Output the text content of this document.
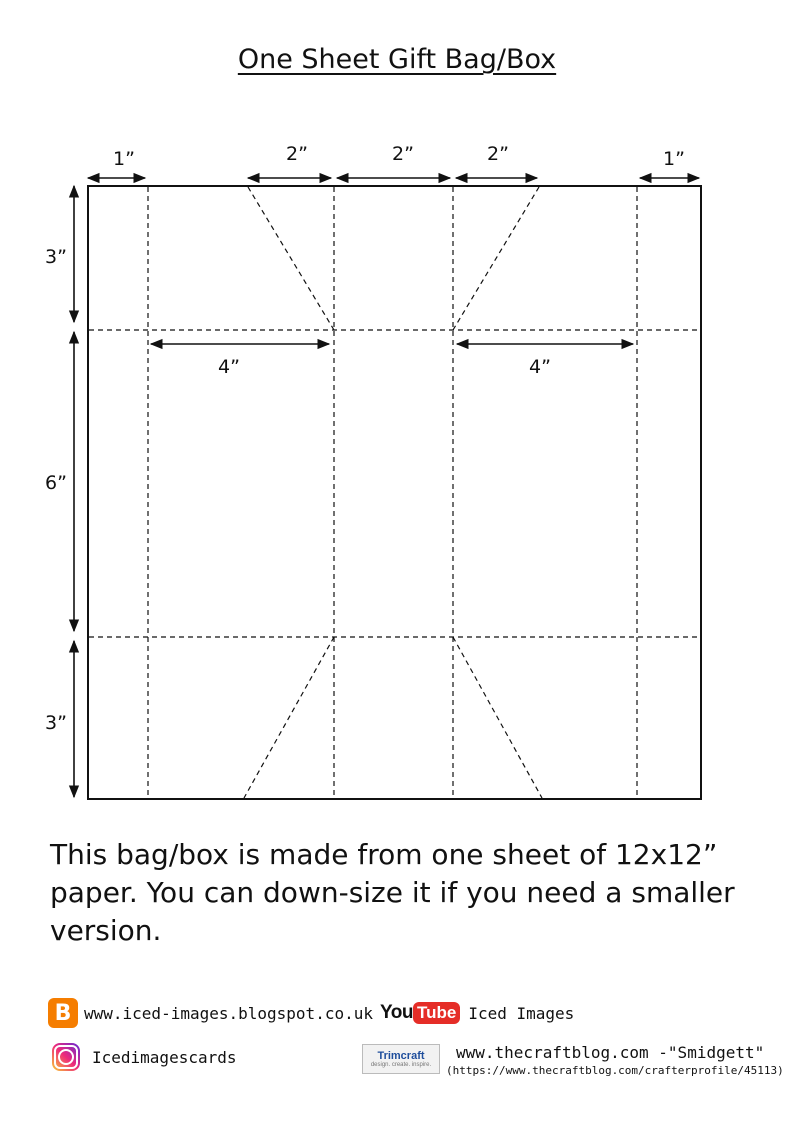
One Sheet Gift Bag/Box
1”	2”	2”	2”	1”
3”
6”
3”
4”	4”

This bag/box is made from one sheet of 12x12” paper. You can down-size it if you need a smaller version.

B www.iced-images.blogspot.co.uk You Tube Iced Images
Icedimagescards	Trimcraft
design. create. inspire.
www.thecraftblog.com -"Smidgett"
(https://www.thecraftblog.com/crafterprofile/45113)
